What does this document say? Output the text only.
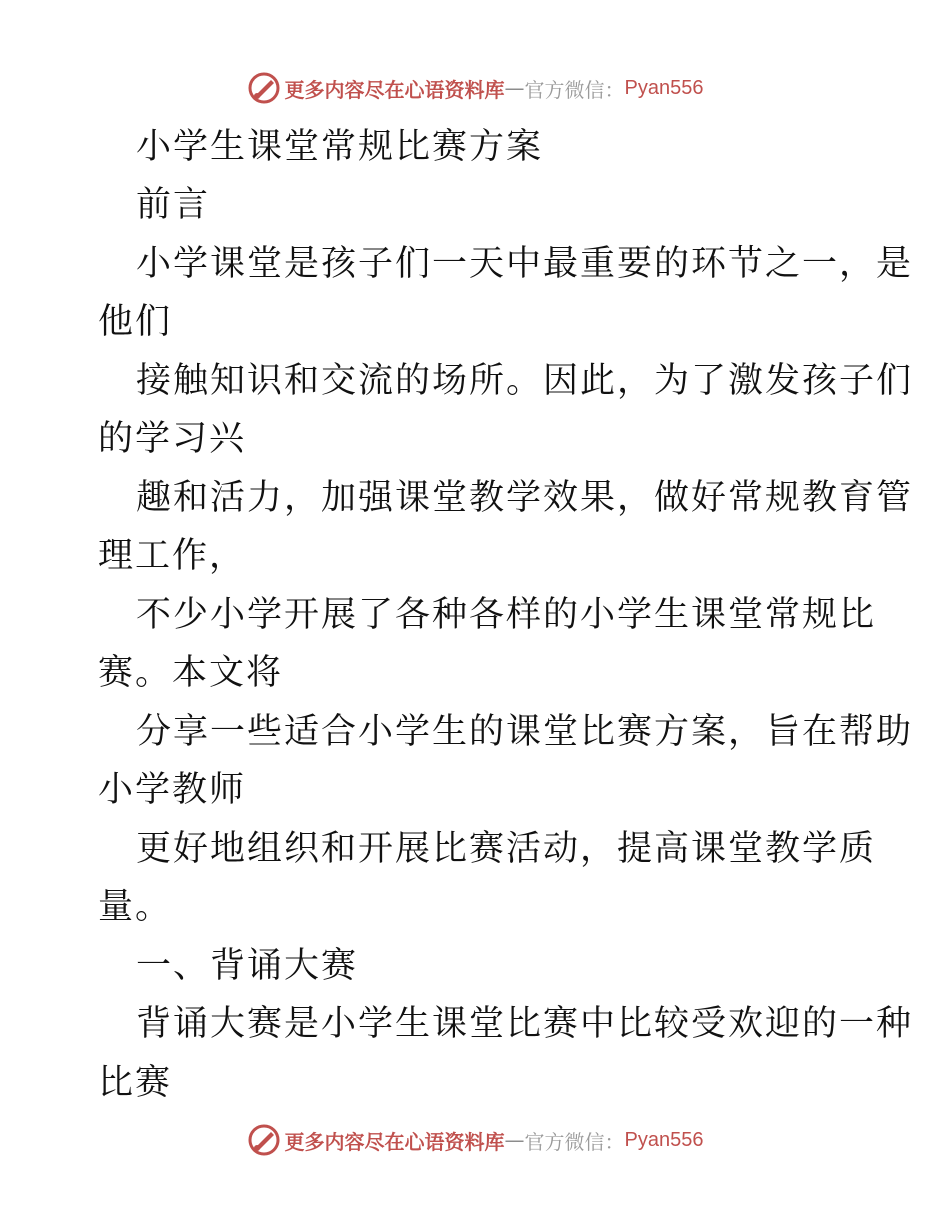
更多内容尽在心语资料库 — 官方微信： Pyan556
小学生课堂常规比赛方案
前言
小学课堂是孩子们一天中最重要的环节之一，是
他们
接触知识和交流的场所。因此，为了激发孩子们
的学习兴
趣和活力，加强课堂教学效果，做好常规教育管
理工作，
不少小学开展了各种各样的小学生课堂常规比
赛。本文将
分享一些适合小学生的课堂比赛方案，旨在帮助
小学教师
更好地组织和开展比赛活动，提高课堂教学质
量。
一、背诵大赛
背诵大赛是小学生课堂比赛中比较受欢迎的一种
比赛
更多内容尽在心语资料库 — 官方微信： Pyan556
